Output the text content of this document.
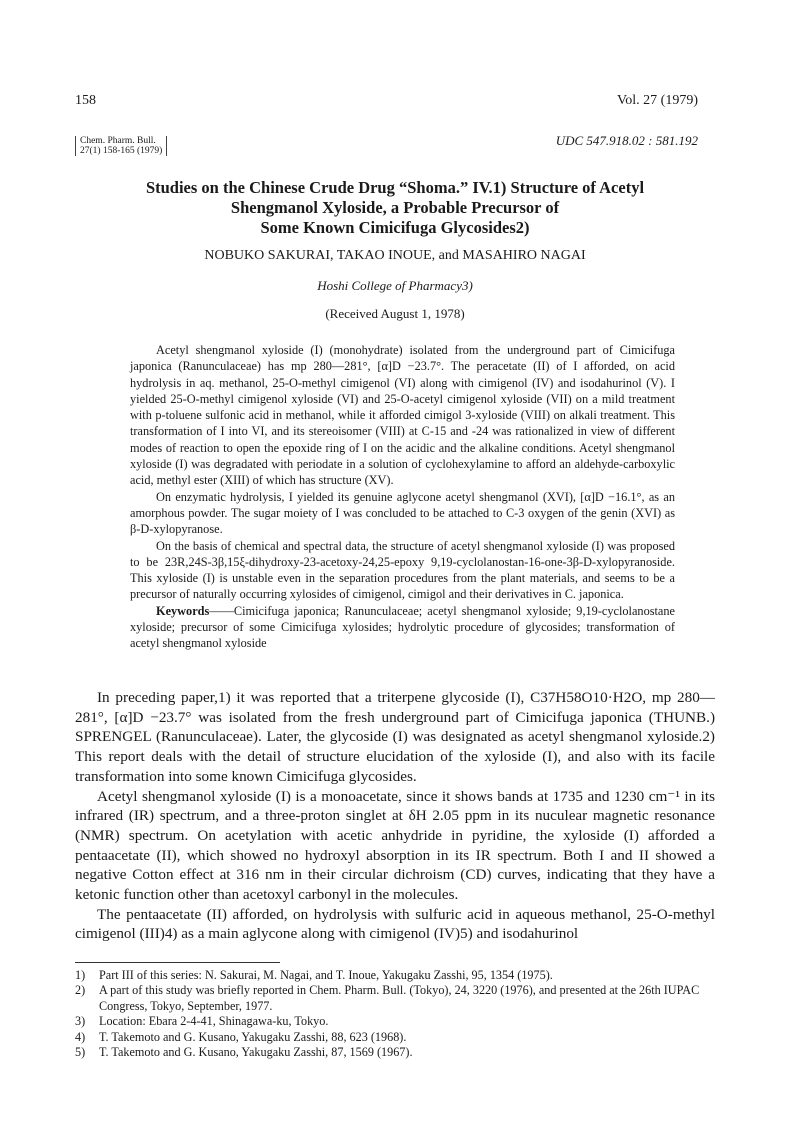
158	Vol. 27 (1979)
Chem. Pharm. Bull.
27(1) 158-165 (1979)
UDC 547.918.02 : 581.192

Studies on the Chinese Crude Drug “Shoma.” IV.1) Structure of Acetyl

Shengmanol Xyloside, a Probable Precursor of

Some Known Cimicifuga Glycosides2)

NOBUKO SAKURAI, TAKAO INOUE, and MASAHIRO NAGAI
Hoshi College of Pharmacy3)
(Received August 1, 1978)

Acetyl shengmanol xyloside (I) (monohydrate) isolated from the underground part of Cimicifuga japonica (Ranunculaceae) has mp 280—281°, [α]D −23.7°. The peracetate (II) of I afforded, on acid hydrolysis in aq. methanol, 25-O-methyl cimigenol (VI) along with cimigenol (IV) and isodahurinol (V). I yielded 25-O-methyl cimigenol xyloside (VI) and 25-O-acetyl cimigenol xyloside (VII) on a mild treatment with p-toluene sulfonic acid in methanol, while it afforded cimigol 3-xyloside (VIII) on alkali treatment. This transformation of I into VI, and its stereoisomer (VIII) at C-15 and -24 was rationalized in view of different modes of reaction to open the epoxide ring of I on the acidic and the alkaline conditions. Acetyl shengmanol xyloside (I) was degradated with periodate in a solution of cyclohexylamine to afford an aldehyde-carboxylic acid, methyl ester (XIII) of which has structure (XV).

On enzymatic hydrolysis, I yielded its genuine aglycone acetyl shengmanol (XVI), [α]D −16.1°, as an amorphous powder. The sugar moiety of I was concluded to be attached to C-3 oxygen of the genin (XVI) as β-D-xylopyranose.

On the basis of chemical and spectral data, the structure of acetyl shengmanol xyloside (I) was proposed to be 23R,24S-3β,15ξ-dihydroxy-23-acetoxy-24,25-epoxy 9,19-cyclolanostan-16-one-3β-D-xylopyranoside. This xyloside (I) is unstable even in the separation procedures from the plant materials, and seems to be a precursor of naturally occurring xylosides of cimigenol, cimigol and their derivatives in C. japonica.

Keywords——Cimicifuga japonica; Ranunculaceae; acetyl shengmanol xyloside; 9,19-cyclolanostane xyloside; precursor of some Cimicifuga xylosides; hydrolytic procedure of glycosides; transformation of acetyl shengmanol xyloside

In preceding paper,1) it was reported that a triterpene glycoside (I), C37H58O10·H2O, mp 280—281°, [α]D −23.7° was isolated from the fresh underground part of Cimicifuga japonica (THUNB.) SPRENGEL (Ranunculaceae). Later, the glycoside (I) was designated as acetyl shengmanol xyloside.2) This report deals with the detail of structure elucidation of the xyloside (I), and also with its facile transformation into some known Cimicifuga glycosides.

Acetyl shengmanol xyloside (I) is a monoacetate, since it shows bands at 1735 and 1230 cm⁻¹ in its infrared (IR) spectrum, and a three-proton singlet at δH 2.05 ppm in its nuculear magnetic resonance (NMR) spectrum. On acetylation with acetic anhydride in pyridine, the xyloside (I) afforded a pentaacetate (II), which showed no hydroxyl absorption in its IR spectrum. Both I and II showed a negative Cotton effect at 316 nm in their circular dichroism (CD) curves, indicating that they have a ketonic function other than acetoxyl carbonyl in the molecules.

The pentaacetate (II) afforded, on hydrolysis with sulfuric acid in aqueous methanol, 25-O-methyl cimigenol (III)4) as a main aglycone along with cimigenol (IV)5) and isodahurinol

1)	Part III of this series: N. Sakurai, M. Nagai, and T. Inoue, Yakugaku Zasshi, 95, 1354 (1975).
2)	A part of this study was briefly reported in Chem. Pharm. Bull. (Tokyo), 24, 3220 (1976), and presented at the 26th IUPAC Congress, Tokyo, September, 1977.
3)	Location: Ebara 2-4-41, Shinagawa-ku, Tokyo.
4)	T. Takemoto and G. Kusano, Yakugaku Zasshi, 88, 623 (1968).
5)	T. Takemoto and G. Kusano, Yakugaku Zasshi, 87, 1569 (1967).
